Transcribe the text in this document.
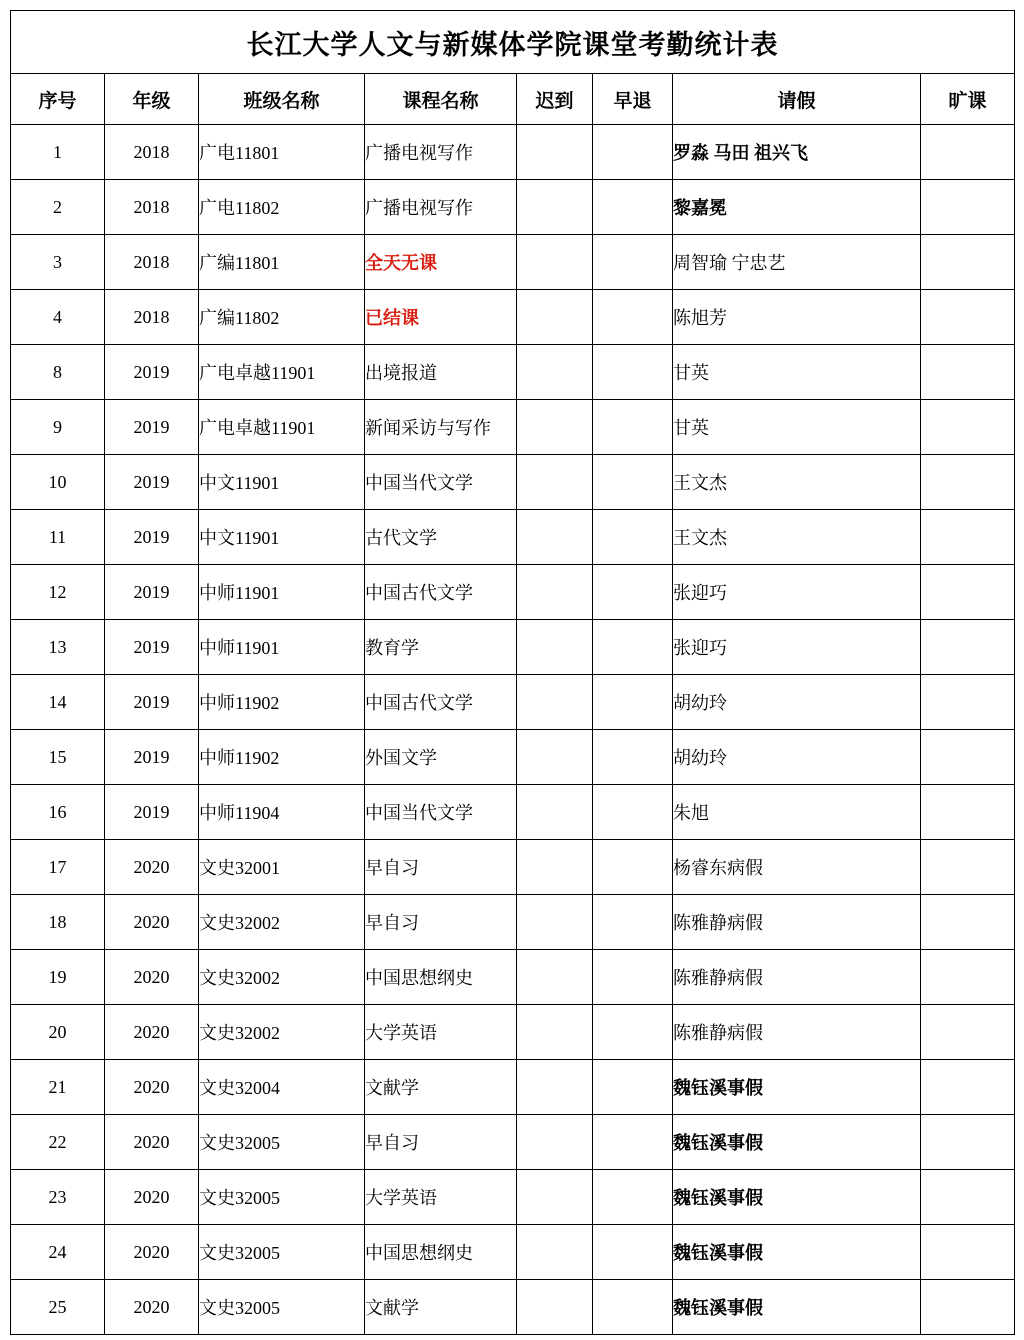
长江大学人文与新媒体学院课堂考勤统计表							
序号	年级	班级名称	课程名称	迟到	早退	请假	旷课
1	2018	广电11801	广播电视写作			罗淼 马田 祖兴飞	
2	2018	广电11802	广播电视写作			黎嘉冕	
3	2018	广编11801	全天无课			周智瑜 宁忠艺	
4	2018	广编11802	已结课			陈旭芳	
8	2019	广电卓越11901	出境报道			甘英	
9	2019	广电卓越11901	新闻采访与写作			甘英	
10	2019	中文11901	中国当代文学			王文杰	
11	2019	中文11901	古代文学			王文杰	
12	2019	中师11901	中国古代文学			张迎巧	
13	2019	中师11901	教育学			张迎巧	
14	2019	中师11902	中国古代文学			胡幼玲	
15	2019	中师11902	外国文学			胡幼玲	
16	2019	中师11904	中国当代文学			朱旭	
17	2020	文史32001	早自习			杨睿东病假	
18	2020	文史32002	早自习			陈雅静病假	
19	2020	文史32002	中国思想纲史			陈雅静病假	
20	2020	文史32002	大学英语			陈雅静病假	
21	2020	文史32004	文献学			魏钰溪事假	
22	2020	文史32005	早自习			魏钰溪事假	
23	2020	文史32005	大学英语			魏钰溪事假	
24	2020	文史32005	中国思想纲史			魏钰溪事假	
25	2020	文史32005	文献学			魏钰溪事假	
